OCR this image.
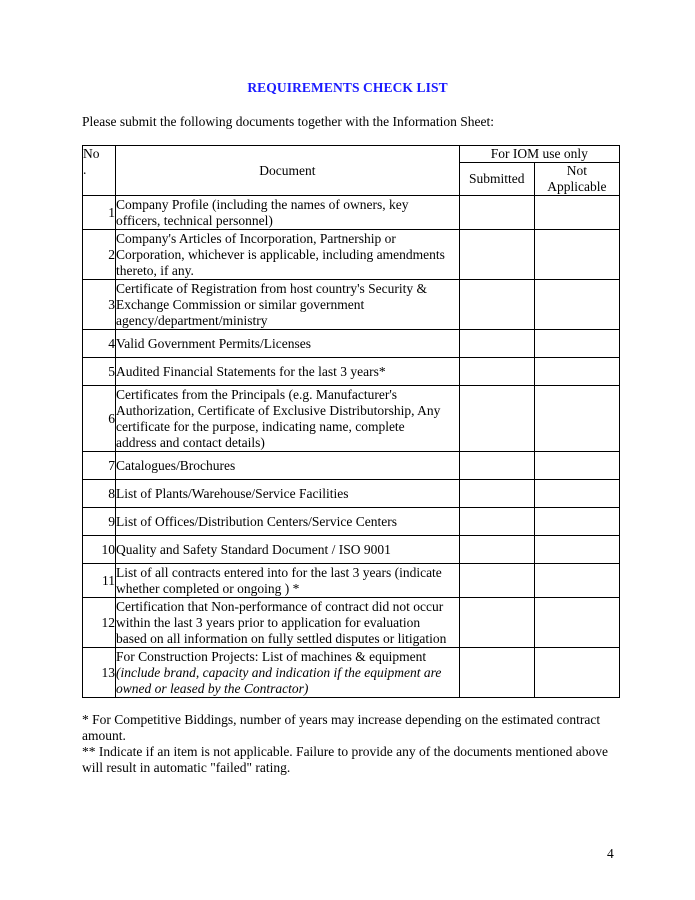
REQUIREMENTS CHECK LIST
Please submit the following documents together with the Information Sheet:
No
.	Document	For IOM use only	
		Submitted	Not
Applicable

1	Company Profile (including the names of owners, key
officers, technical personnel)		

2	Company's Articles of Incorporation, Partnership or
Corporation, whichever is applicable, including amendments
thereto, if any.		

3	Certificate of Registration from host country's Security &
Exchange Commission or similar government
agency/department/ministry		

4	Valid Government Permits/Licenses		

5	Audited Financial Statements for the last 3 years*		

6	Certificates from the Principals (e.g. Manufacturer's
Authorization, Certificate of Exclusive Distributorship, Any
certificate for the purpose, indicating name, complete
address and contact details)		

7	Catalogues/Brochures		

8	List of Plants/Warehouse/Service Facilities		

9	List of Offices/Distribution Centers/Service Centers		

10	Quality and Safety Standard Document / ISO 9001		

11	List of all contracts entered into for the last 3 years (indicate
whether completed or ongoing ) *		

12	Certification that Non-performance of contract did not occur
within the last 3 years prior to application for evaluation
based on all information on fully settled disputes or litigation		

13	For Construction Projects: List of machines & equipment
(include brand, capacity and indication if the equipment are
owned or leased by the Contractor)		

* For Competitive Biddings, number of years may increase depending on the estimated contract amount.

** Indicate if an item is not applicable. Failure to provide any of the documents mentioned above will result in automatic "failed" rating.

4
